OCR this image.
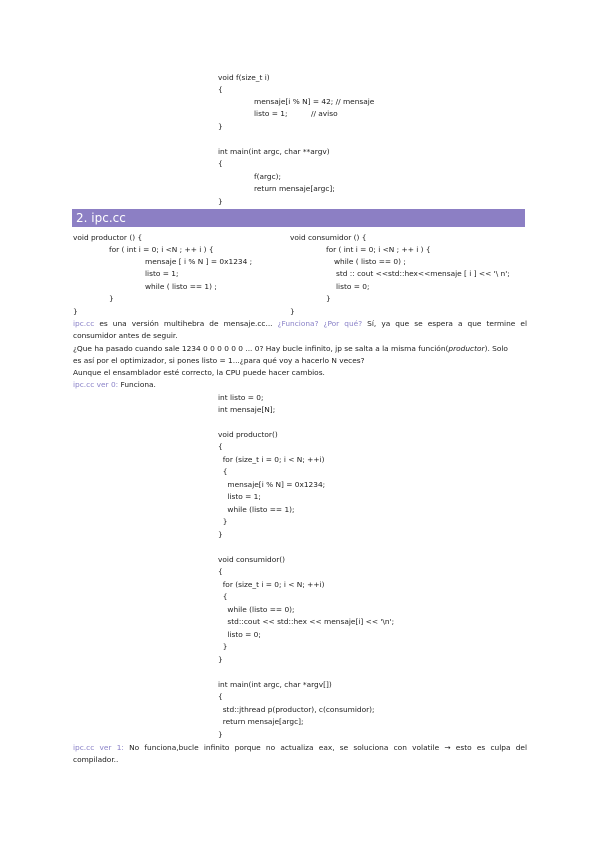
void f(size_t i)
{
mensaje[i % N] = 42; // mensaje
listo = 1;          // aviso
}
int main(int argc, char **argv)
{
f(argc);
return mensaje[argc];
}
2. ipc.cc
void productor () {
for ( int i = 0; i <N ; ++ i ) {
mensaje [ i % N ] = 0x1234 ;
listo = 1;
while ( listo == 1) ;
}
}
void consumidor () {
for ( int i = 0; i <N ; ++ i ) {
while ( listo == 0) ;
std :: cout <<std::hex<<mensaje [ i ] << '\ n';
listo = 0;
}
}
ipc.cc es una versión multihebra de mensaje.cc... ¿Funciona? ¿Por qué? Sí, ya que se espera a que termine el
consumidor antes de seguir.
¿Que ha pasado cuando sale 1234 0 0 0 0 0 0 ... 0? Hay bucle infinito, jp se salta a la misma función(productor). Solo
es así por el optimizador, si pones listo = 1...¿para qué voy a hacerlo N veces?
Aunque el ensamblador esté correcto, la CPU puede hacer cambios.
ipc.cc ver 0: Funciona.
int listo = 0;
int mensaje[N];
void productor()
{
for (size_t i = 0; i < N; ++i)
{
mensaje[i % N] = 0x1234;
listo = 1;
while (listo == 1);
}
}
void consumidor()
{
for (size_t i = 0; i < N; ++i)
{
while (listo == 0);
std::cout << std::hex << mensaje[i] << '\n';
listo = 0;
}
}
int main(int argc, char *argv[])
{
std::jthread p(productor), c(consumidor);
return mensaje[argc];
}
ipc.cc ver 1: No funciona,bucle infinito porque no actualiza eax, se soluciona con volatile → esto es culpa del
compilador..
